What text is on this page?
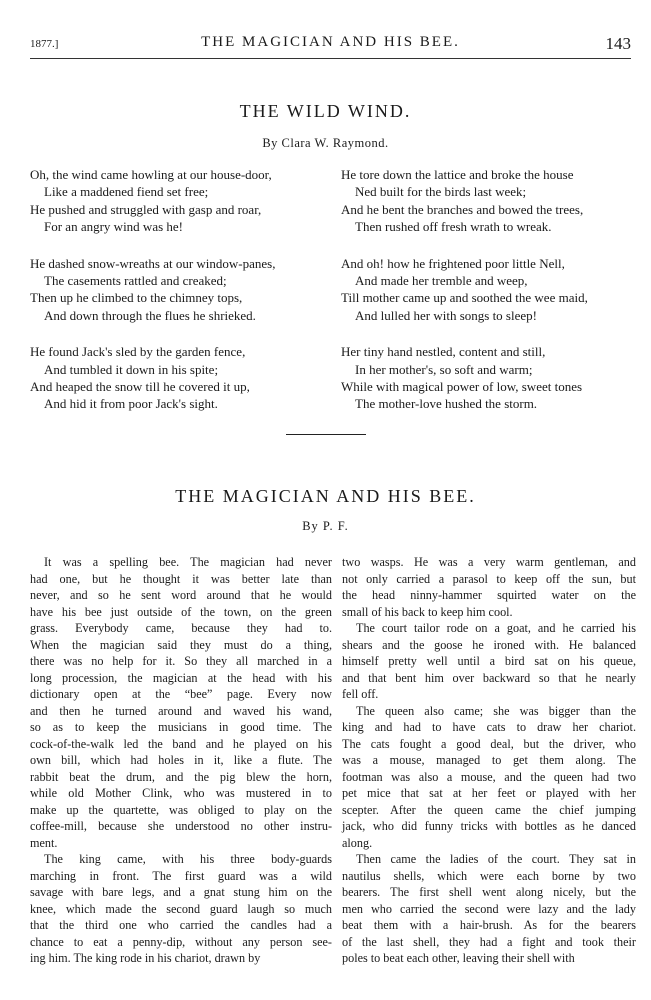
1877.]	THE MAGICIAN AND HIS BEE.	143
THE WILD WIND.
By Clara W. Raymond.
Oh, the wind came howling at our house-door,
Like a maddened fiend set free;
He pushed and struggled with gasp and roar,
For an angry wind was he!
He dashed snow-wreaths at our window-panes,
The casements rattled and creaked;
Then up he climbed to the chimney tops,
And down through the flues he shrieked.
He found Jack's sled by the garden fence,
And tumbled it down in his spite;
And heaped the snow till he covered it up,
And hid it from poor Jack's sight.
He tore down the lattice and broke the house
Ned built for the birds last week;
And he bent the branches and bowed the trees,
Then rushed off fresh wrath to wreak.
And oh! how he frightened poor little Nell,
And made her tremble and weep,
Till mother came up and soothed the wee maid,
And lulled her with songs to sleep!
Her tiny hand nestled, content and still,
In her mother's, so soft and warm;
While with magical power of low, sweet tones
The mother-love hushed the storm.
THE MAGICIAN AND HIS BEE.
By P. F.
It was a spelling bee. The magician had never
had one, but he thought it was better late than
never, and so he sent word around that he would
have his bee just outside of the town, on the green
grass. Everybody came, because they had to.
When the magician said they must do a thing,
there was no help for it. So they all marched in a
long procession, the magician at the head with his
dictionary open at the “bee” page. Every now
and then he turned around and waved his wand,
so as to keep the musicians in good time. The
cock-of-the-walk led the band and he played on his
own bill, which had holes in it, like a flute. The
rabbit beat the drum, and the pig blew the horn,
while old Mother Clink, who was mustered in to
make up the quartette, was obliged to play on the
coffee-mill, because she understood no other instru-
ment.
The king came, with his three body-guards
marching in front. The first guard was a wild
savage with bare legs, and a gnat stung him on the
knee, which made the second guard laugh so much
that the third one who carried the candles had a
chance to eat a penny-dip, without any person see-
ing him. The king rode in his chariot, drawn by
two wasps. He was a very warm gentleman, and
not only carried a parasol to keep off the sun, but
the head ninny-hammer squirted water on the
small of his back to keep him cool.
The court tailor rode on a goat, and he carried his
shears and the goose he ironed with. He balanced
himself pretty well until a bird sat on his queue,
and that bent him over backward so that he nearly
fell off.
The queen also came; she was bigger than the
king and had to have cats to draw her chariot.
The cats fought a good deal, but the driver, who
was a mouse, managed to get them along. The
footman was also a mouse, and the queen had two
pet mice that sat at her feet or played with her
scepter. After the queen came the chief jumping
jack, who did funny tricks with bottles as he danced
along.
Then came the ladies of the court. They sat in
nautilus shells, which were each borne by two
bearers. The first shell went along nicely, but the
men who carried the second were lazy and the lady
beat them with a hair-brush. As for the bearers
of the last shell, they had a fight and took their
poles to beat each other, leaving their shell with
